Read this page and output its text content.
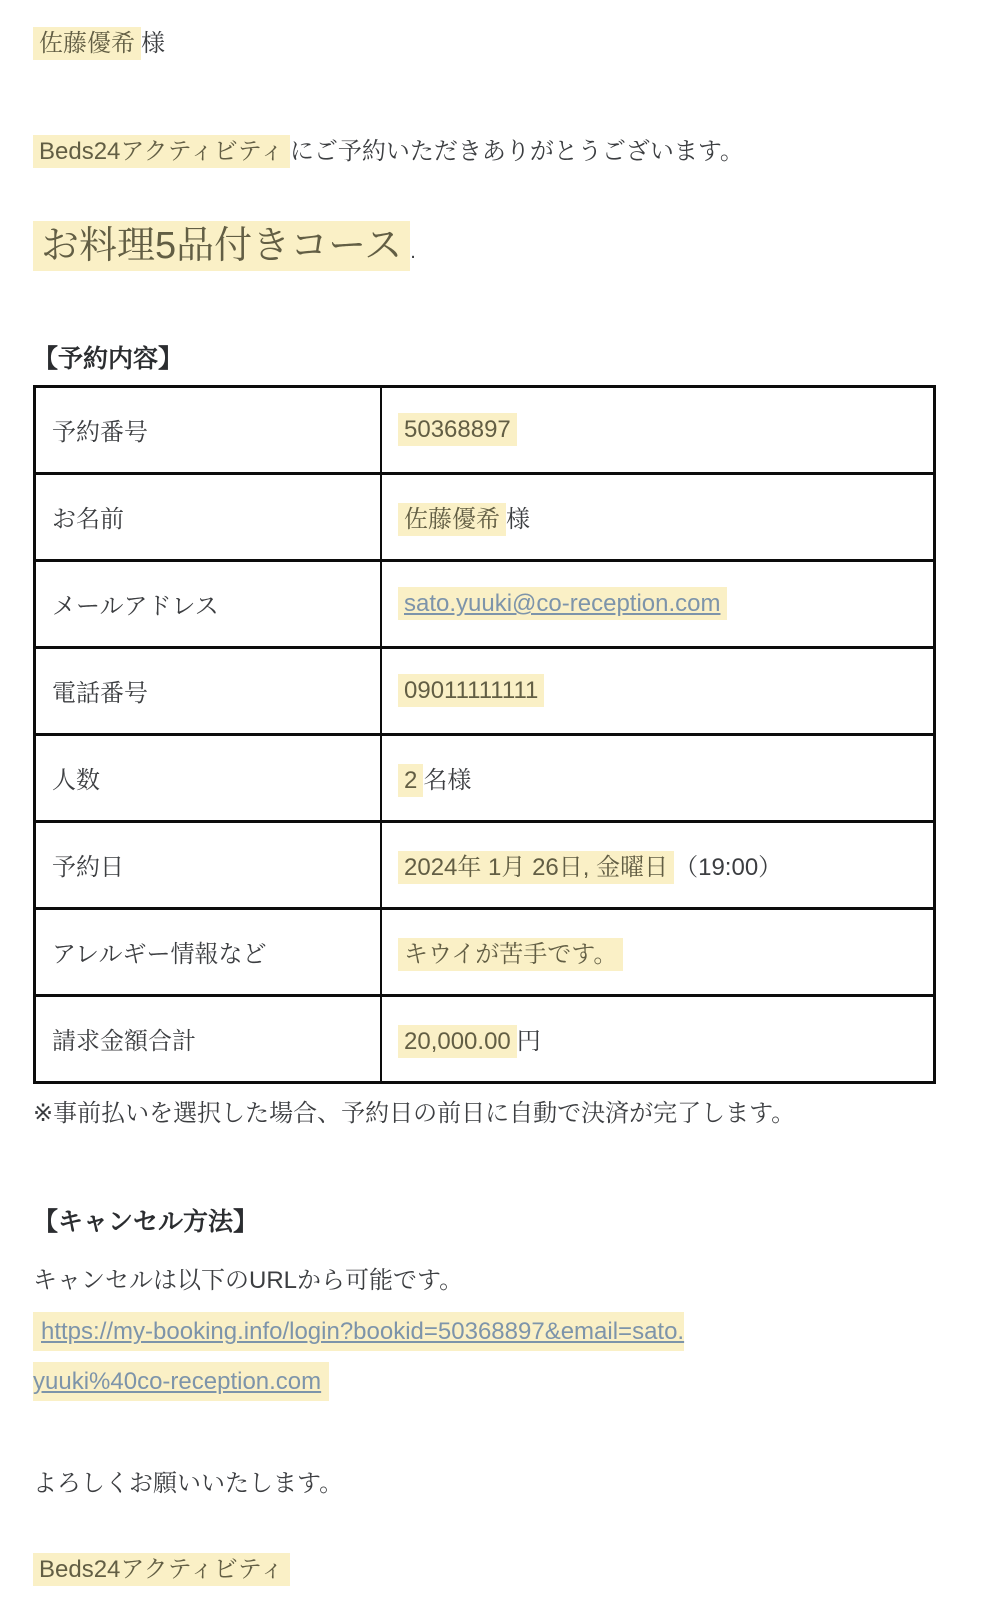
佐藤優希 様

Beds24アクティビティ にご予約いただきありがとうございます。

お料理5品付きコース .
【予約内容】
予約番号	50368897
お名前	佐藤優希 様
メールアドレス	sato.yuuki@co-reception.com
電話番号	09011111111
人数	2 名様
予約日	2024年 1月 26日, 金曜日 （19:00）
アレルギー情報など	キウイが苦手です。
請求金額合計	20,000.00 円

※事前払いを選択した場合、予約日の前日に自動で決済が完了します。

【キャンセル方法】

キャンセルは以下のURLから可能です。

https://my-booking.info/login?bookid=50368897&email=sato.
yuuki%40co-reception.com

よろしくお願いいたします。

Beds24アクティビティ
